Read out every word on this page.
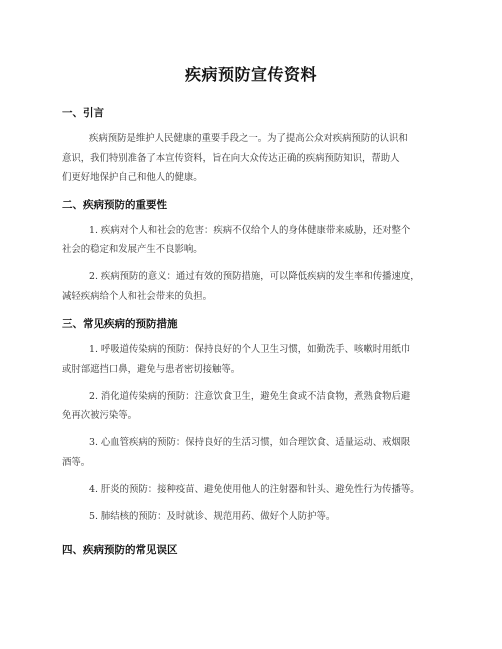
疾病预防宣传资料
一、引言
疾病预防是维护人民健康的重要手段之一。为了提高公众对疾病预防的认识和
意识，我们特别准备了本宣传资料，旨在向大众传达正确的疾病预防知识，帮助人
们更好地保护自己和他人的健康。
二、疾病预防的重要性
1. 疾病对个人和社会的危害：疾病不仅给个人的身体健康带来威胁，还对整个
社会的稳定和发展产生不良影响。
2. 疾病预防的意义：通过有效的预防措施，可以降低疾病的发生率和传播速度，
减轻疾病给个人和社会带来的负担。
三、常见疾病的预防措施
1. 呼吸道传染病的预防：保持良好的个人卫生习惯，如勤洗手、咳嗽时用纸巾
或肘部遮挡口鼻，避免与患者密切接触等。
2. 消化道传染病的预防：注意饮食卫生，避免生食或不洁食物，煮熟食物后避
免再次被污染等。
3. 心血管疾病的预防：保持良好的生活习惯，如合理饮食、适量运动、戒烟限
酒等。
4. 肝炎的预防：接种疫苗、避免使用他人的注射器和针头、避免性行为传播等。
5. 肺结核的预防：及时就诊、规范用药、做好个人防护等。
四、疾病预防的常见误区
